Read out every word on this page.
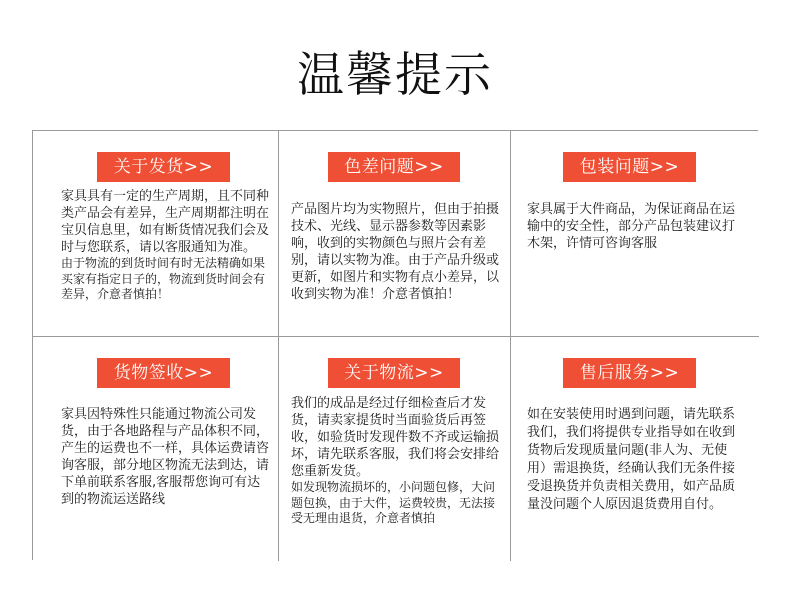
温馨提示
关于发货>>

家具具有一定的生产周期，且不同种类产品会有差异，生产周期都注明在宝贝信息里，如有断货情况我们会及时与您联系，请以客服通知为准。
由于物流的到货时间有时无法精确如果买家有指定日子的，物流到货时间会有差异，介意者慎拍！

色差问题>>

产品图片均为实物照片，但由于拍摄技术、光线、显示器参数等因素影响，收到的实物颜色与照片会有差别，请以实物为准。由于产品升级或更新，如图片和实物有点小差异，以收到实物为准！介意者慎拍！

包装问题>>

家具属于大件商品，为保证商品在运输中的安全性，部分产品包装建议打木架，许情可咨询客服

货物签收>>

家具因特殊性只能通过物流公司发货，由于各地路程与产品体积不同，产生的运费也不一样，具体运费请咨询客服，部分地区物流无法到达，请下单前联系客服,客服帮您询可有达到的物流运送路线

关于物流>>

我们的成品是经过仔细检查后才发货，请卖家提货时当面验货后再签收，如验货时发现件数不齐或运输损坏，请先联系客服，我们将会安排给您重新发货。
如发现物流损坏的，小问题包修，大问题包换，由于大件，运费较贵，无法接受无理由退货，介意者慎拍

售后服务>>

如在安装使用时遇到问题，请先联系我们，我们将提供专业指导如在收到货物后发现质量问题(非人为、无使用）需退换货，经确认我们无条件接受退换货并负责相关费用，如产品质量没问题个人原因退货费用自付。
